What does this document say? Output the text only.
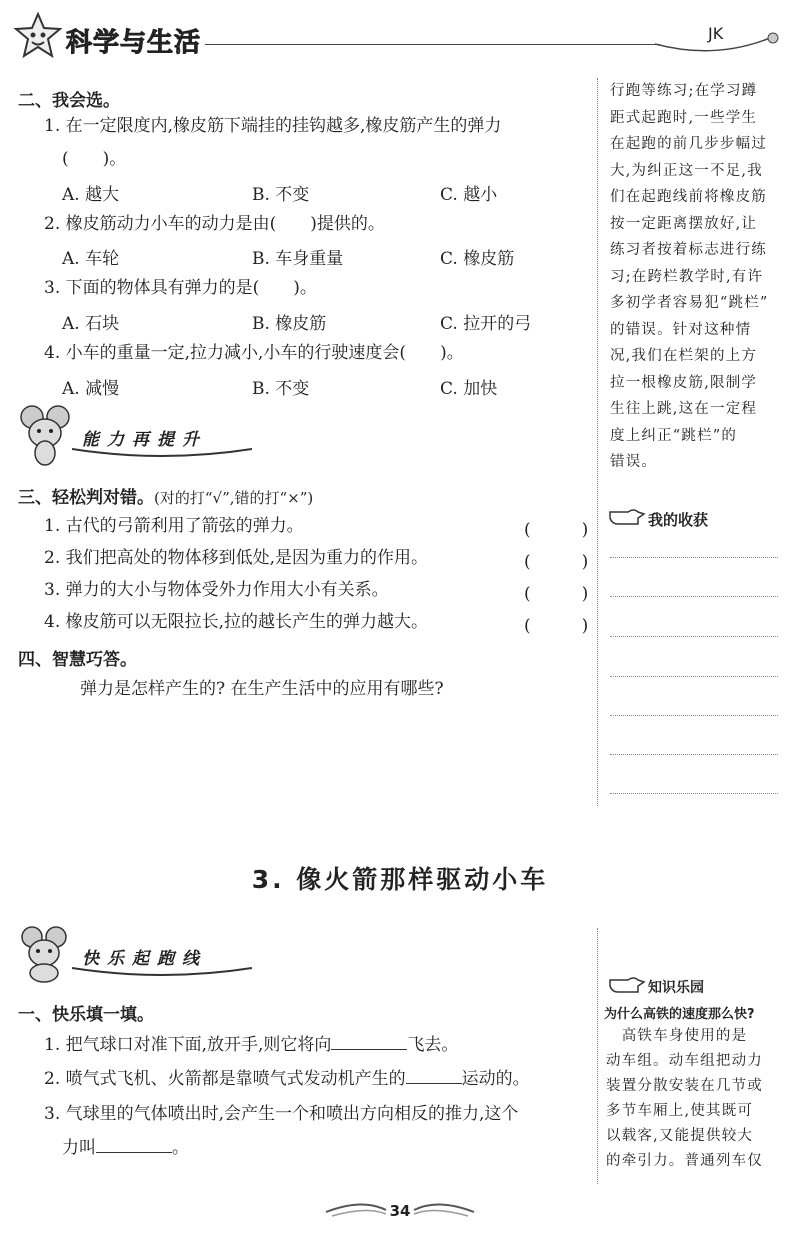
科学与生活	JK
行跑等练习;在学习蹲
距式起跑时,一些学生
在起跑的前几步步幅过
大,为纠正这一不足,我
们在起跑线前将橡皮筋
按一定距离摆放好,让
练习者按着标志进行练
习;在跨栏教学时,有许
多初学者容易犯“跳栏”
的错误。针对这种情
况,我们在栏架的上方
拉一根橡皮筋,限制学
生往上跳,这在一定程
度上纠正“跳栏”的
错误。
我的收获
二、我会选。
1. 在一定限度内,橡皮筋下端挂的挂钩越多,橡皮筋产生的弹力
(　　)。
A. 越大	B. 不变	C. 越小
2. 橡皮筋动力小车的动力是由(　　)提供的。
A. 车轮	B. 车身重量	C. 橡皮筋
3. 下面的物体具有弹力的是(　　)。
A. 石块	B. 橡皮筋	C. 拉开的弓
4. 小车的重量一定,拉力减小,小车的行驶速度会(　　)。
A. 减慢	B. 不变	C. 加快
能力再提升
三、轻松判对错。 (对的打“√”,错的打“×”)
1. 古代的弓箭利用了箭弦的弹力。	(　　　)
2. 我们把高处的物体移到低处,是因为重力的作用。	(　　　)
3. 弹力的大小与物体受外力作用大小有关系。	(　　　)
4. 橡皮筋可以无限拉长,拉的越长产生的弹力越大。	(　　　)
四、智慧巧答。
弹力是怎样产生的? 在生产生活中的应用有哪些?
3. 像火箭那样驱动小车
快乐起跑线
一、快乐填一填。
1. 把气球口对准下面,放开手,则它将向	飞去。
2. 喷气式飞机、火箭都是靠喷气式发动机产生的	运动的。
3. 气球里的气体喷出时,会产生一个和喷出方向相反的推力,这个
力叫	。
知识乐园
为什么高铁的速度那么快?
　高铁车身使用的是
动车组。动车组把动力
装置分散安装在几节或
多节车厢上,使其既可
以载客,又能提供较大
的牵引力。普通列车仅
34
